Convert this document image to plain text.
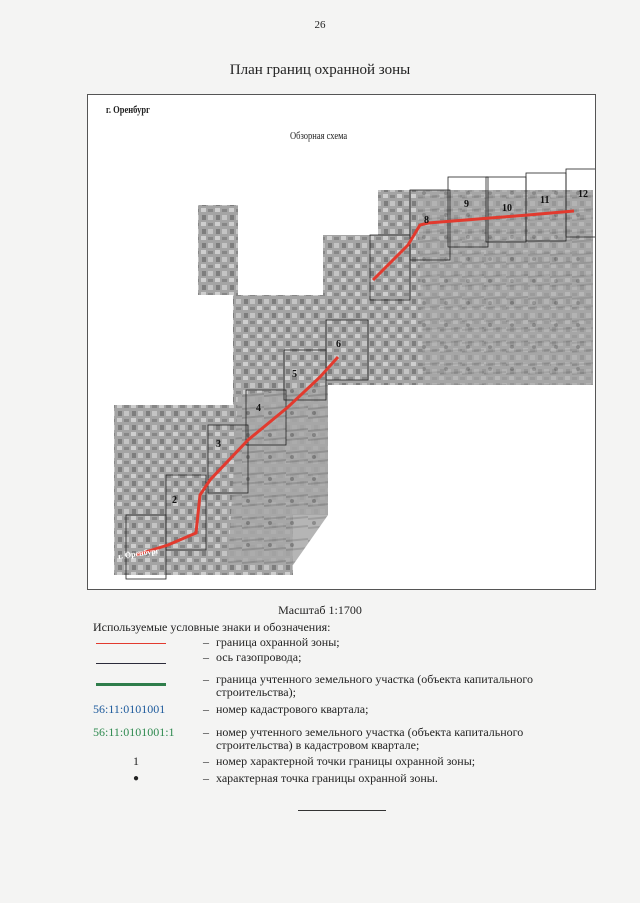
26
План границ охранной зоны
2
3
4
5
6
8
9	10
11
12
г. Оренбург
Обзорная схема
г. Оренбург
Масштаб 1:1700
Используемые условные знаки и обозначения:
– граница охранной зоны;
– ось газопровода;
– граница учтенного земельного участка (объекта капитального строительства);
56:11:0101001	– номер кадастрового квартала;
56:11:0101001:1	– номер учтенного земельного участка (объекта капитального строительства) в кадастровом квартале;
1	– номер характерной точки границы охранной зоны;
●	– характерная точка границы охранной зоны.
